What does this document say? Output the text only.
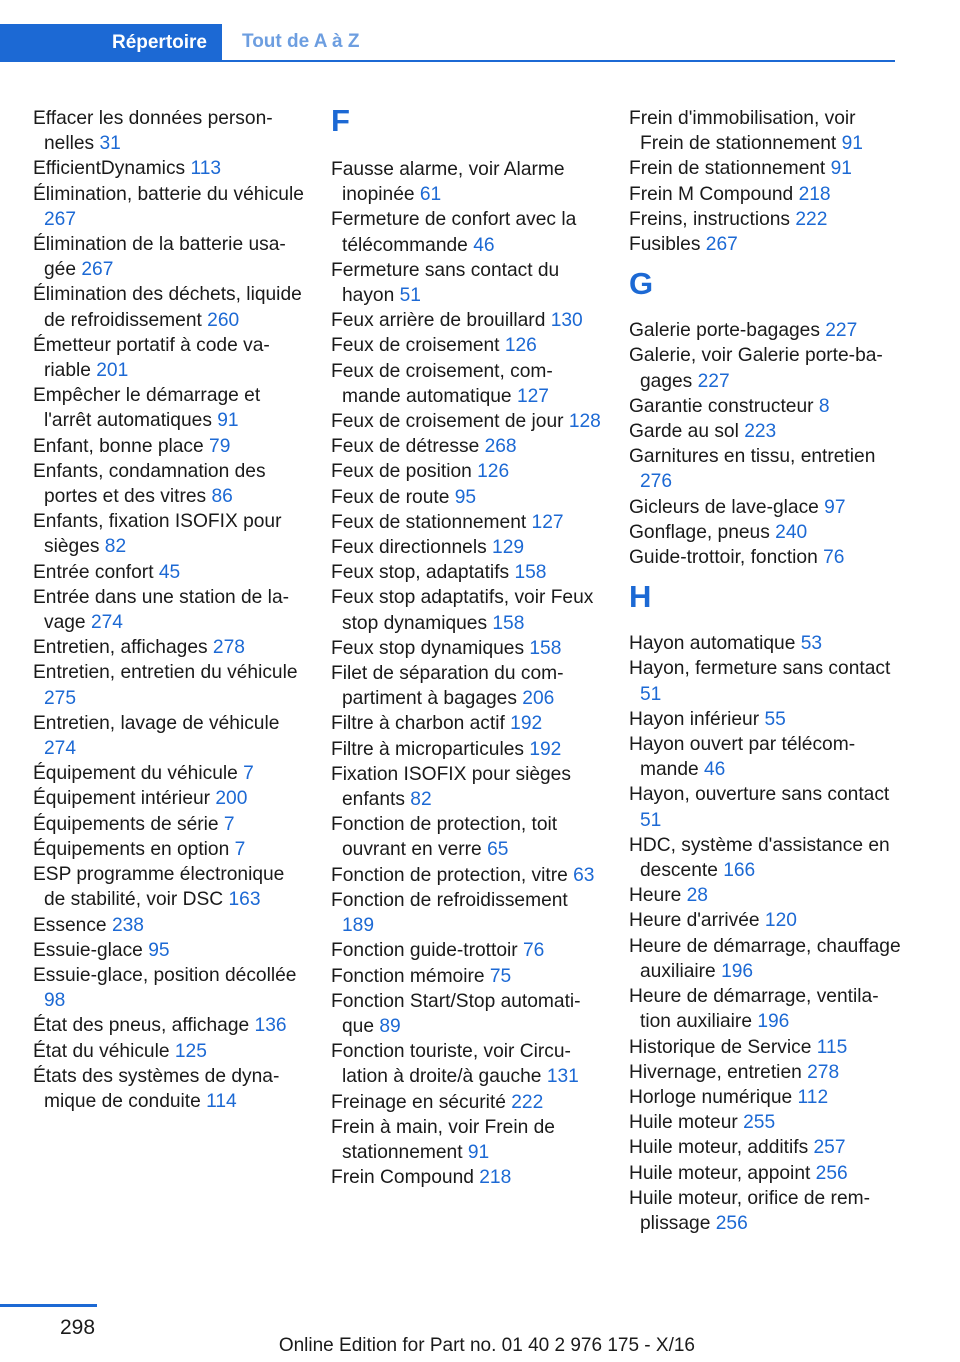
Répertoire	Tout de A à Z
Effacer les données personnelles 31
EfficientDynamics 113
Élimination, batterie du véhicule 267
Élimination de la batterie usagée 267
Élimination des déchets, liquide de refroidissement 260
Émetteur portatif à code variable 201
Empêcher le démarrage et l'arrêt automatiques 91
Enfant, bonne place 79
Enfants, condamnation des portes et des vitres 86
Enfants, fixation ISOFIX pour sièges 82
Entrée confort 45
Entrée dans une station de lavage 274
Entretien, affichages 278
Entretien, entretien du véhicule 275
Entretien, lavage de véhicule 274
Équipement du véhicule 7
Équipement intérieur 200
Équipements de série 7
Équipements en option 7
ESP programme électronique de stabilité, voir DSC 163
Essence 238
Essuie-glace 95
Essuie-glace, position décollée 98
État des pneus, affichage 136
État du véhicule 125
États des systèmes de dynamique de conduite 114
F
Fausse alarme, voir Alarme inopinée 61
Fermeture de confort avec la télécommande 46
Fermeture sans contact du hayon 51
Feux arrière de brouillard 130
Feux de croisement 126
Feux de croisement, commande automatique 127
Feux de croisement de jour 128
Feux de détresse 268
Feux de position 126
Feux de route 95
Feux de stationnement 127
Feux directionnels 129
Feux stop, adaptatifs 158
Feux stop adaptatifs, voir Feux stop dynamiques 158
Feux stop dynamiques 158
Filet de séparation du compartiment à bagages 206
Filtre à charbon actif 192
Filtre à microparticules 192
Fixation ISOFIX pour sièges enfants 82
Fonction de protection, toit ouvrant en verre 65
Fonction de protection, vitre 63
Fonction de refroidissement 189
Fonction guide-trottoir 76
Fonction mémoire 75
Fonction Start/Stop automatique 89
Fonction touriste, voir Circulation à droite/à gauche 131
Freinage en sécurité 222
Frein à main, voir Frein de stationnement 91
Frein Compound 218
Frein d'immobilisation, voir Frein de stationnement 91
Frein de stationnement 91
Frein M Compound 218
Freins, instructions 222
Fusibles 267
G
Galerie porte-bagages 227
Galerie, voir Galerie porte-bagages 227
Garantie constructeur 8
Garde au sol 223
Garnitures en tissu, entretien 276
Gicleurs de lave-glace 97
Gonflage, pneus 240
Guide-trottoir, fonction 76
H
Hayon automatique 53
Hayon, fermeture sans contact 51
Hayon inférieur 55
Hayon ouvert par télécommande 46
Hayon, ouverture sans contact 51
HDC, système d'assistance en descente 166
Heure 28
Heure d'arrivée 120
Heure de démarrage, chauffage auxiliaire 196
Heure de démarrage, ventilation auxiliaire 196
Historique de Service 115
Hivernage, entretien 278
Horloge numérique 112
Huile moteur 255
Huile moteur, additifs 257
Huile moteur, appoint 256
Huile moteur, orifice de remplissage 256
298
Online Edition for Part no. 01 40 2 976 175 - X/16
